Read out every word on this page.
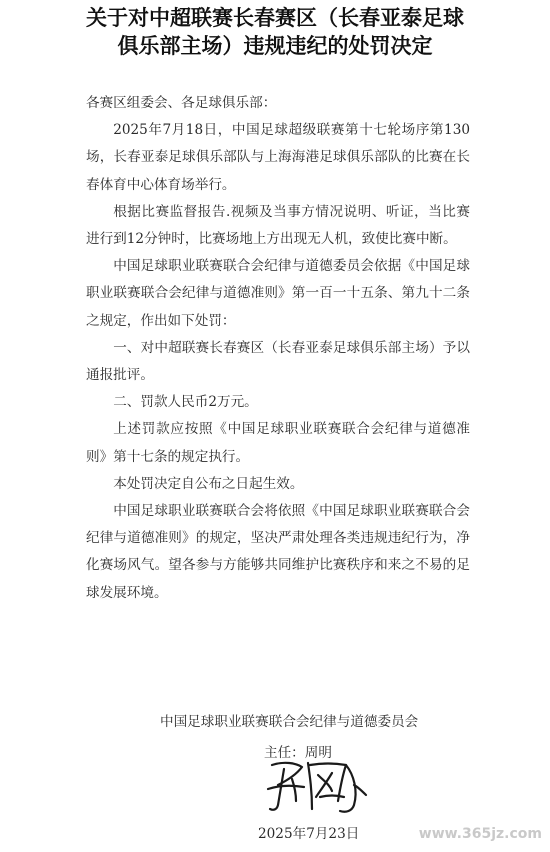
关于对中超联赛长春赛区（长春亚泰足球
俱乐部主场）违规违纪的处罚决定

各赛区组委会、各足球俱乐部：

2025年7月18日，中国足球超级联赛第十七轮场序第130场，长春亚泰足球俱乐部队与上海海港足球俱乐部队的比赛在长春体育中心体育场举行。

根据比赛监督报告.视频及当事方情况说明、听证，当比赛进行到12分钟时，比赛场地上方出现无人机，致使比赛中断。

中国足球职业联赛联合会纪律与道德委员会依据《中国足球职业联赛联合会纪律与道德准则》第一百一十五条、第九十二条之规定，作出如下处罚：

一、对中超联赛长春赛区（长春亚泰足球俱乐部主场）予以通报批评。

二、罚款人民币2万元。

上述罚款应按照《中国足球职业联赛联合会纪律与道德准则》第十七条的规定执行。

本处罚决定自公布之日起生效。

中国足球职业联赛联合会将依照《中国足球职业联赛联合会纪律与道德准则》的规定，坚决严肃处理各类违规违纪行为，净化赛场风气。望各参与方能够共同维护比赛秩序和来之不易的足球发展环境。

中国足球职业联赛联合会纪律与道德委员会
主任：周明
2025年7月23日	www.365jz.com
